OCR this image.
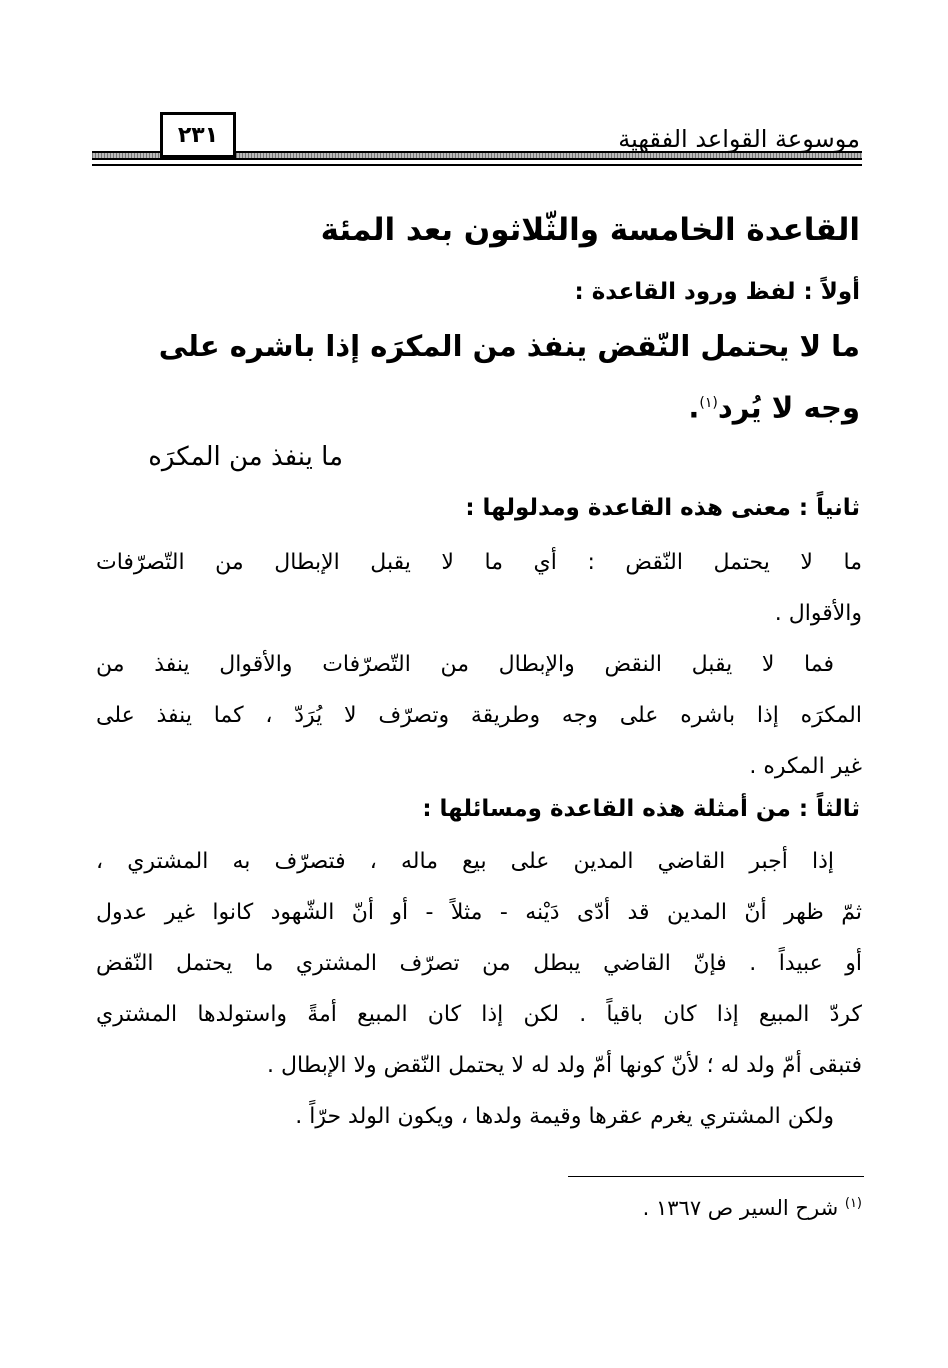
٢٣١	موسوعة القواعد الفقهية
القاعدة الخامسة والثّلاثون بعد المئة
أولاً : لفظ ورود القاعدة :
ما لا يحتمل النّقض ينفذ من المكرَه إذا باشره على
وجه لا يُرد$^{(١)}$.
ما ينفذ من المكرَه
ثانياً : معنى هذه القاعدة ومدلولها :
ما لا يحتمل النّقض : أي ما لا يقبل الإبطال من التّصرّفات
والأقوال .
فما لا يقبل النقض والإبطال من التّصرّفات والأقوال ينفذ من
المكرَه إذا باشره على وجه وطريقة وتصرّف لا يُرَدّ ، كما ينفذ على
غير المكره .
ثالثاً : من أمثلة هذه القاعدة ومسائلها :
إذا أجبر القاضي المدين على بيع ماله ، فتصرّف به المشتري ،
ثمّ ظهر أنّ المدين قد أدّى دَيْنه - مثلاً - أو أنّ الشّهود كانوا غير عدول
أو عبيداً . فإنّ القاضي يبطل من تصرّف المشتري ما يحتمل النّقض
كردّ المبيع إذا كان باقياً . لكن إذا كان المبيع أمةً واستولدها المشتري
فتبقى أمّ ولد له ؛ لأنّ كونها أمّ ولد له لا يحتمل النّقض ولا الإبطال .
ولكن المشتري يغرم عقرها وقيمة ولدها ، ويكون الولد حرّاً .
$^{(١)}$ شرح السير ص ١٣٦٧ .
